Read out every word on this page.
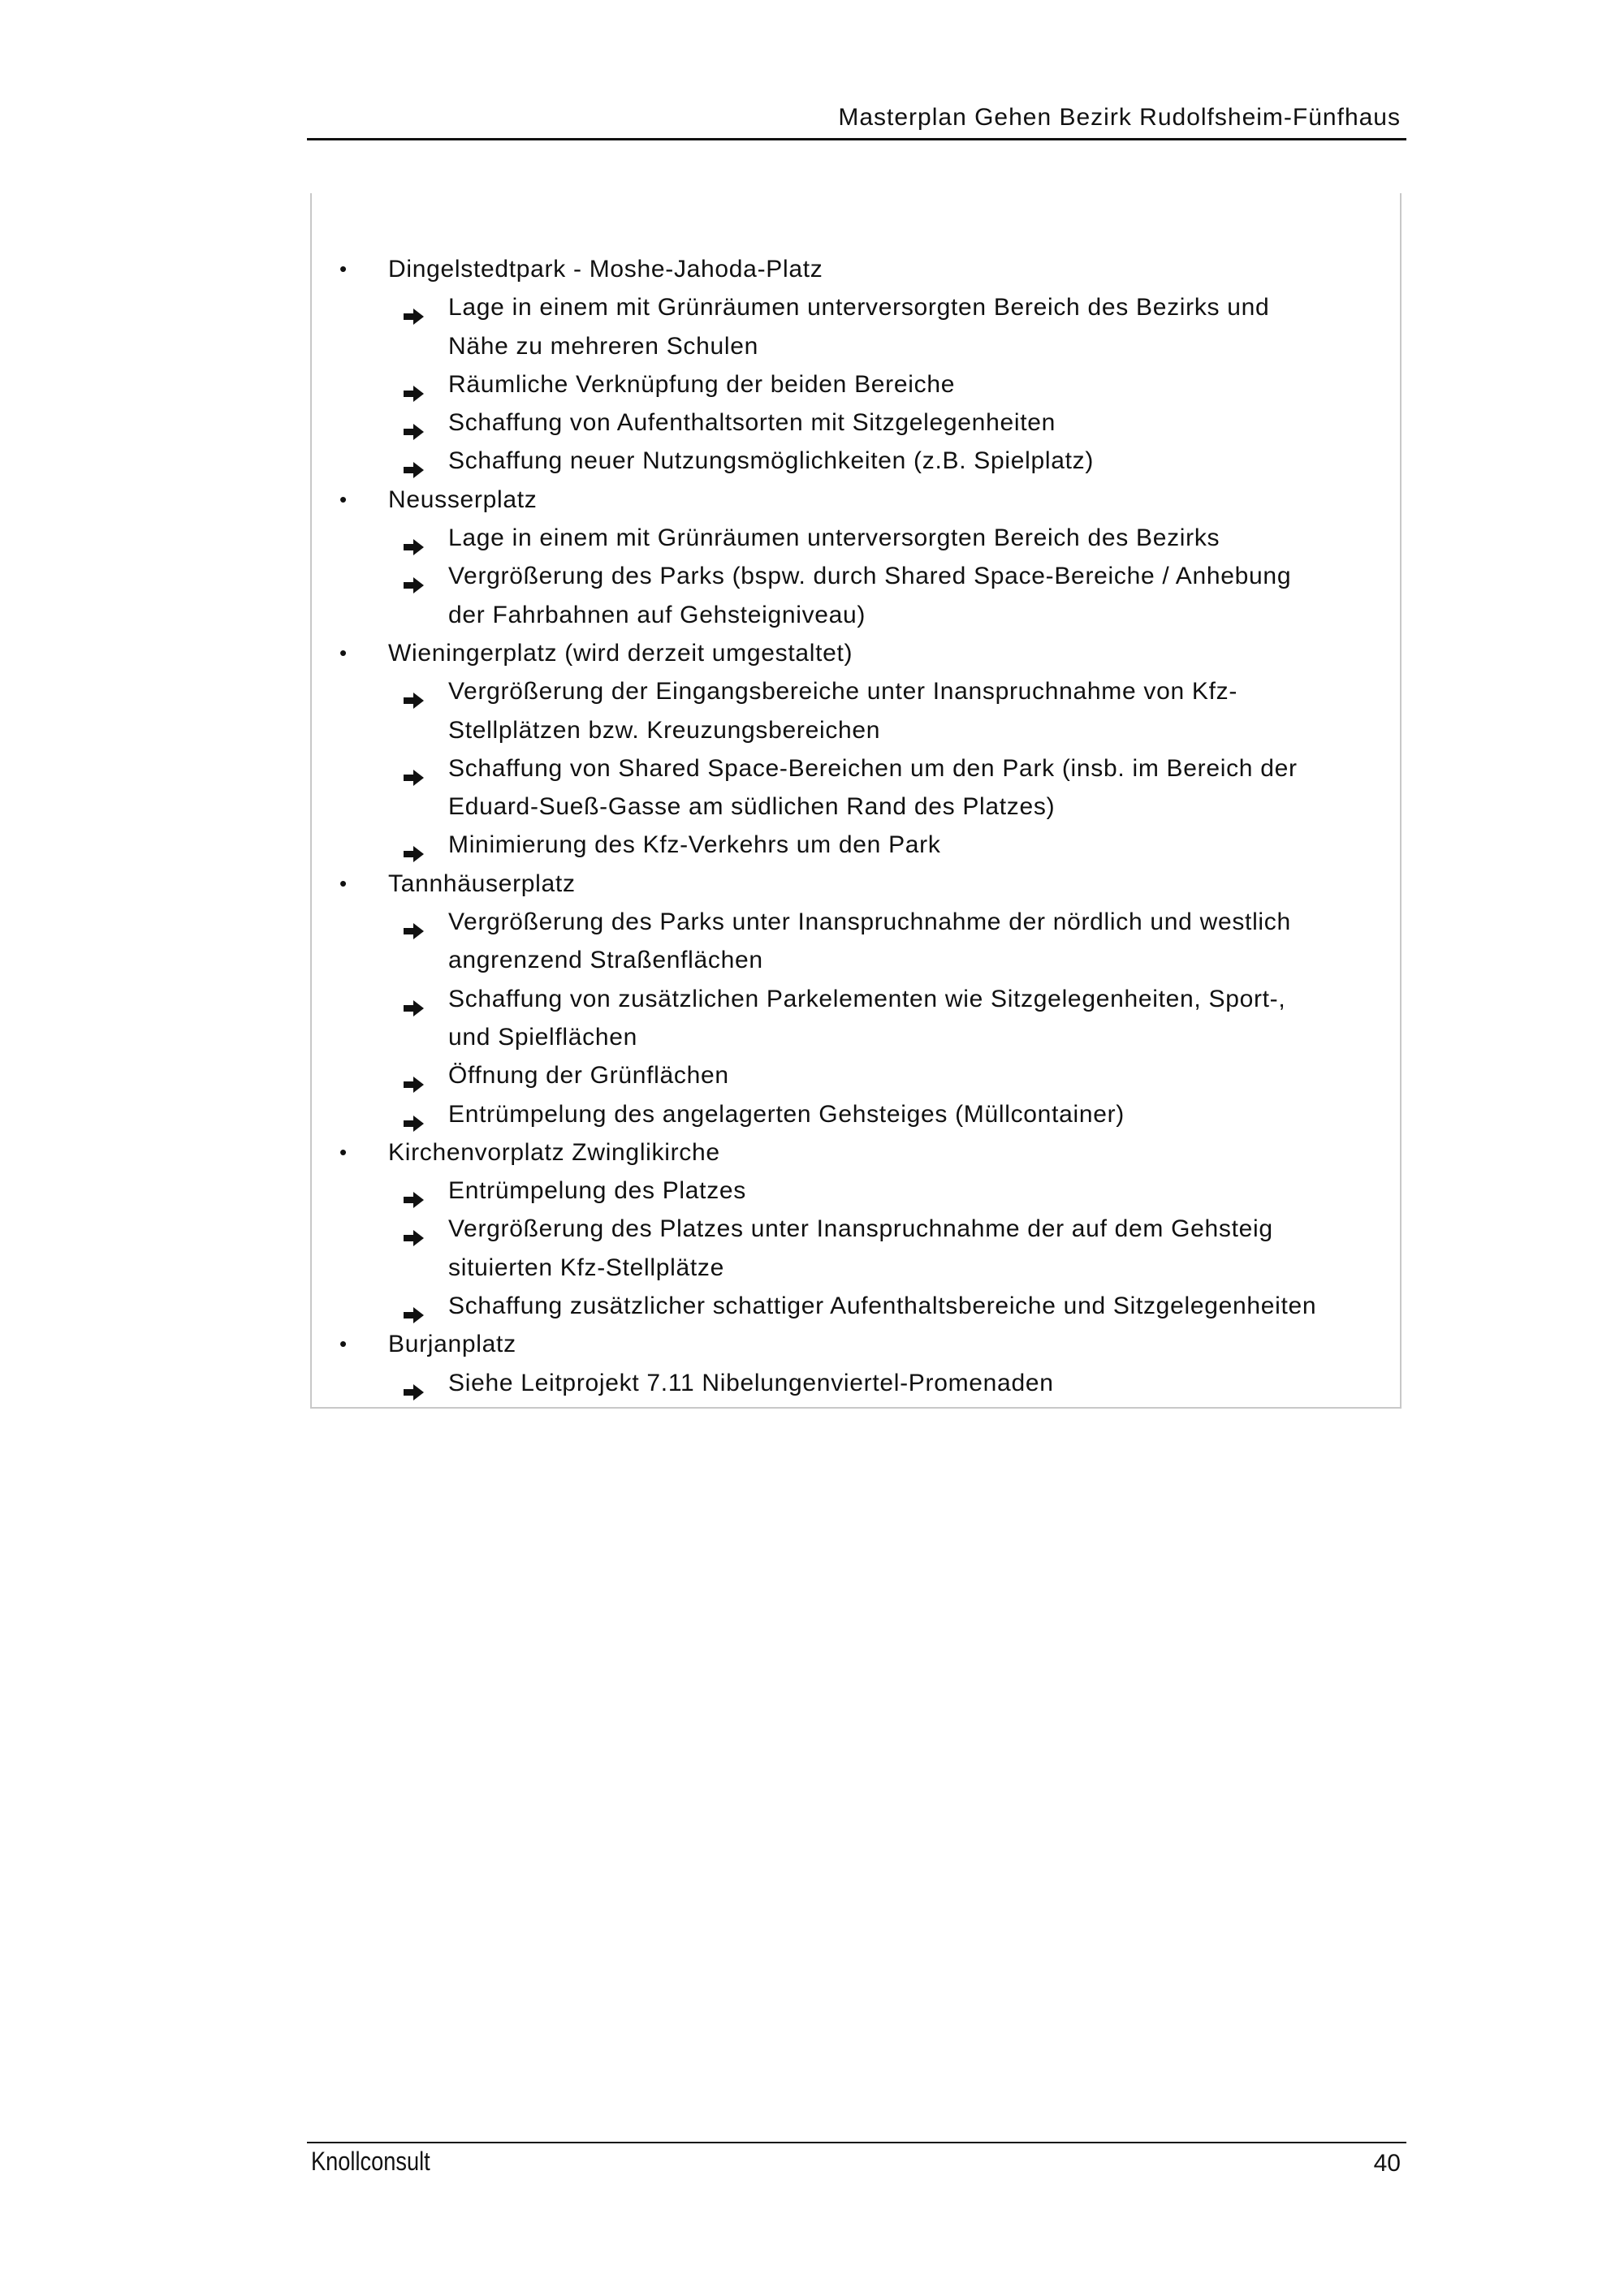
Masterplan Gehen Bezirk Rudolfsheim-Fünfhaus
•	Dingelstedtpark - Moshe-Jahoda-Platz
Lage in einem mit Grünräumen unterversorgten Bereich des Bezirks und
Nähe zu mehreren Schulen
Räumliche Verknüpfung der beiden Bereiche
Schaffung von Aufenthaltsorten mit Sitzgelegenheiten
Schaffung neuer Nutzungsmöglichkeiten (z.B. Spielplatz)
•	Neusserplatz
Lage in einem mit Grünräumen unterversorgten Bereich des Bezirks
Vergrößerung des Parks (bspw. durch Shared Space-Bereiche / Anhebung
der Fahrbahnen auf Gehsteigniveau)
•	Wieningerplatz (wird derzeit umgestaltet)
Vergrößerung der Eingangsbereiche unter Inanspruchnahme von Kfz-
Stellplätzen bzw. Kreuzungsbereichen
Schaffung von Shared Space-Bereichen um den Park (insb. im Bereich der
Eduard-Sueß-Gasse am südlichen Rand des Platzes)
Minimierung des Kfz-Verkehrs um den Park
•	Tannhäuserplatz
Vergrößerung des Parks unter Inanspruchnahme der nördlich und westlich
angrenzend Straßenflächen
Schaffung von zusätzlichen Parkelementen wie Sitzgelegenheiten, Sport-,
und Spielflächen
Öffnung der Grünflächen
Entrümpelung des angelagerten Gehsteiges (Müllcontainer)
•	Kirchenvorplatz Zwinglikirche
Entrümpelung des Platzes
Vergrößerung des Platzes unter Inanspruchnahme der auf dem Gehsteig
situierten Kfz-Stellplätze
Schaffung zusätzlicher schattiger Aufenthaltsbereiche und Sitzgelegenheiten
•	Burjanplatz
Siehe Leitprojekt 7.11 Nibelungenviertel-Promenaden
Knollconsult	40
